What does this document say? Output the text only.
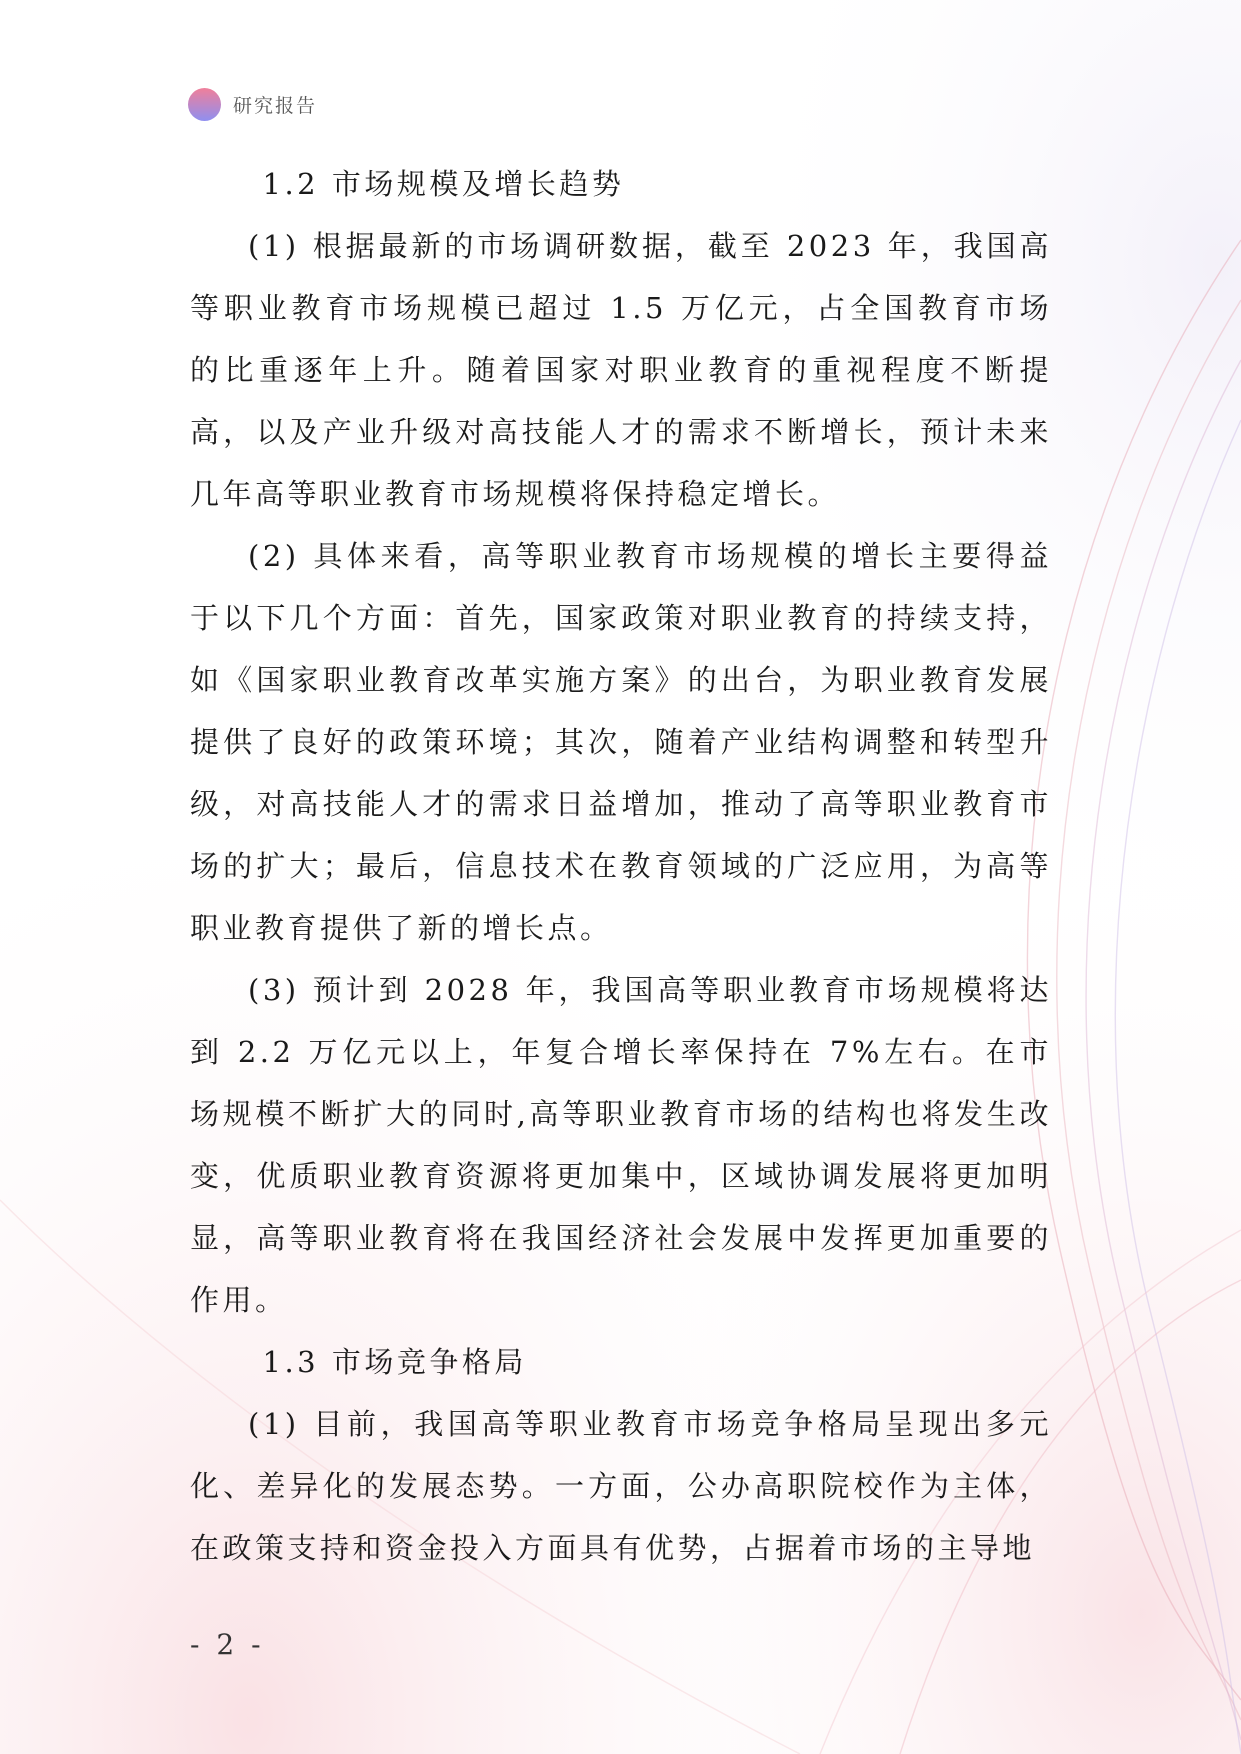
研究报告
1.2 市场规模及增长趋势

(1) 根据最新的市场调研数据，截至 2023 年，我国高等职业教育市场规模已超过 1.5 万亿元，占全国教育市场的比重逐年上升。随着国家对职业教育的重视程度不断提高，以及产业升级对高技能人才的需求不断增长，预计未来几年高等职业教育市场规模将保持稳定增长。

(2) 具体来看，高等职业教育市场规模的增长主要得益于以下几个方面：首先，国家政策对职业教育的持续支持，如《国家职业教育改革实施方案》的出台，为职业教育发展提供了良好的政策环境；其次，随着产业结构调整和转型升级，对高技能人才的需求日益增加，推动了高等职业教育市场的扩大；最后，信息技术在教育领域的广泛应用，为高等职业教育提供了新的增长点。

(3) 预计到 2028 年，我国高等职业教育市场规模将达到 2.2 万亿元以上，年复合增长率保持在 7%左右。在市场规模不断扩大的同时,高等职业教育市场的结构也将发生改变，优质职业教育资源将更加集中，区域协调发展将更加明显，高等职业教育将在我国经济社会发展中发挥更加重要的作用。

1.3 市场竞争格局

(1) 目前，我国高等职业教育市场竞争格局呈现出多元化、差异化的发展态势。一方面，公办高职院校作为主体，在政策支持和资金投入方面具有优势，占据着市场的主导地

- 2 -
